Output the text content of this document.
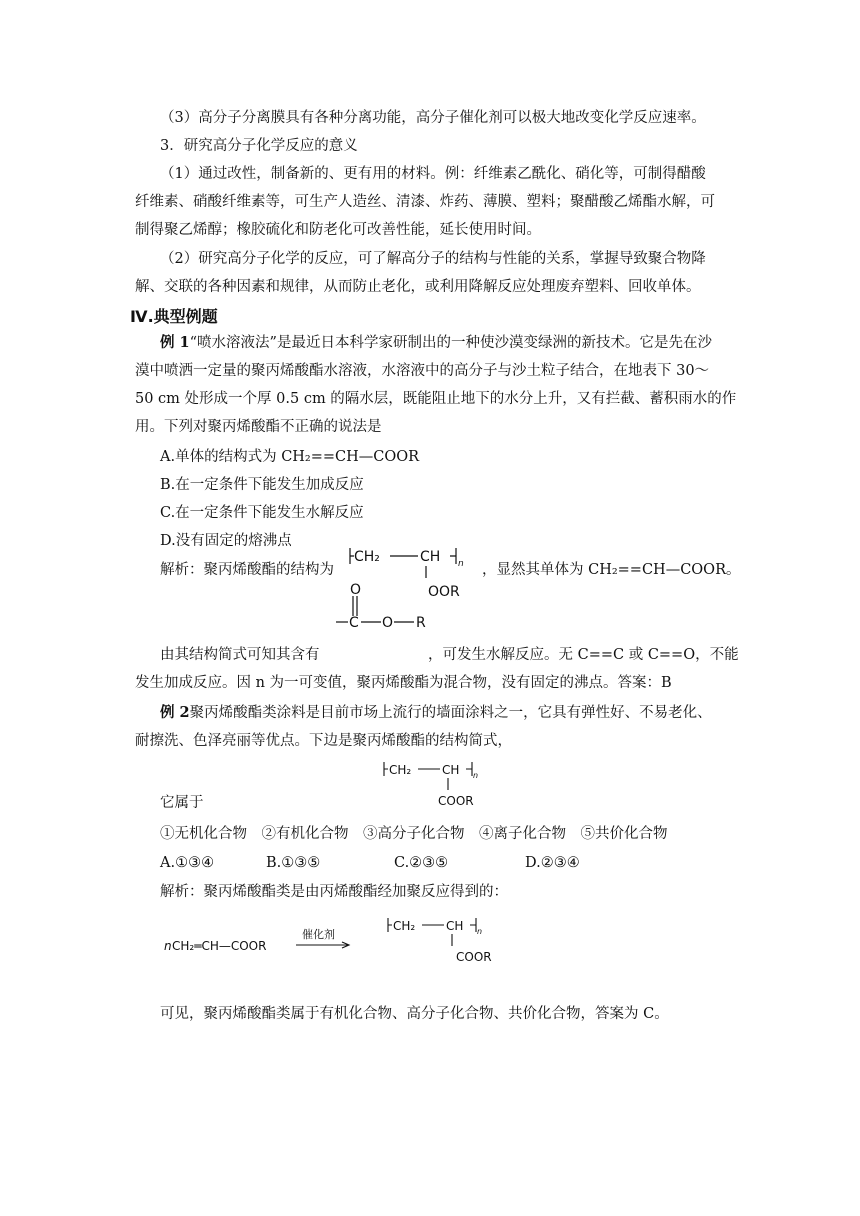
（3）高分子分离膜具有各种分离功能，高分子催化剂可以极大地改变化学反应速率。
3．研究高分子化学反应的意义
（1）通过改性，制备新的、更有用的材料。例：纤维素乙酰化、硝化等，可制得醋酸
纤维素、硝酸纤维素等，可生产人造丝、清漆、炸药、薄膜、塑料；聚醋酸乙烯酯水解，可
制得聚乙烯醇；橡胶硫化和防老化可改善性能，延长使用时间。
（2）研究高分子化学的反应，可了解高分子的结构与性能的关系，掌握导致聚合物降
解、交联的各种因素和规律，从而防止老化，或利用降解反应处理废弃塑料、回收单体。
Ⅳ.典型例题
例 1“喷水溶液法”是最近日本科学家研制出的一种使沙漠变绿洲的新技术。它是先在沙
漠中喷洒一定量的聚丙烯酸酯水溶液，水溶液中的高分子与沙土粒子结合，在地表下 30～
50 cm 处形成一个厚 0.5 cm 的隔水层，既能阻止地下的水分上升，又有拦截、蓄积雨水的作
用。下列对聚丙烯酸酯不正确的说法是
A.单体的结构式为 CH₂==CH—COOR
B.在一定条件下能发生加成反应
C.在一定条件下能发生水解反应
D.没有固定的熔沸点
解析：聚丙烯酸酯的结构为	，显然其单体为 CH₂==CH—COOR。
CH₂	CH n
OOR
O
C O R
由其结构简式可知其含有	，可发生水解反应。无 C==C 或 C==O，不能
发生加成反应。因 n 为一可变值，聚丙烯酸酯为混合物，没有固定的沸点。答案：B
例 2聚丙烯酸酯类涂料是目前市场上流行的墙面涂料之一，它具有弹性好、不易老化、
耐擦洗、色泽亮丽等优点。下边是聚丙烯酸酯的结构简式，
CH₂	CH n
COOR
它属于
①无机化合物　②有机化合物　③高分子化合物　④离子化合物　⑤共价化合物
A.①③④	B.①③⑤	C.②③⑤	D.②③④
解析：聚丙烯酸酯类是由丙烯酸酯经加聚反应得到的：
n CH₂═CH—COOR
催化剂
CH₂	CH n
COOR
可见，聚丙烯酸酯类属于有机化合物、高分子化合物、共价化合物，答案为 C。
